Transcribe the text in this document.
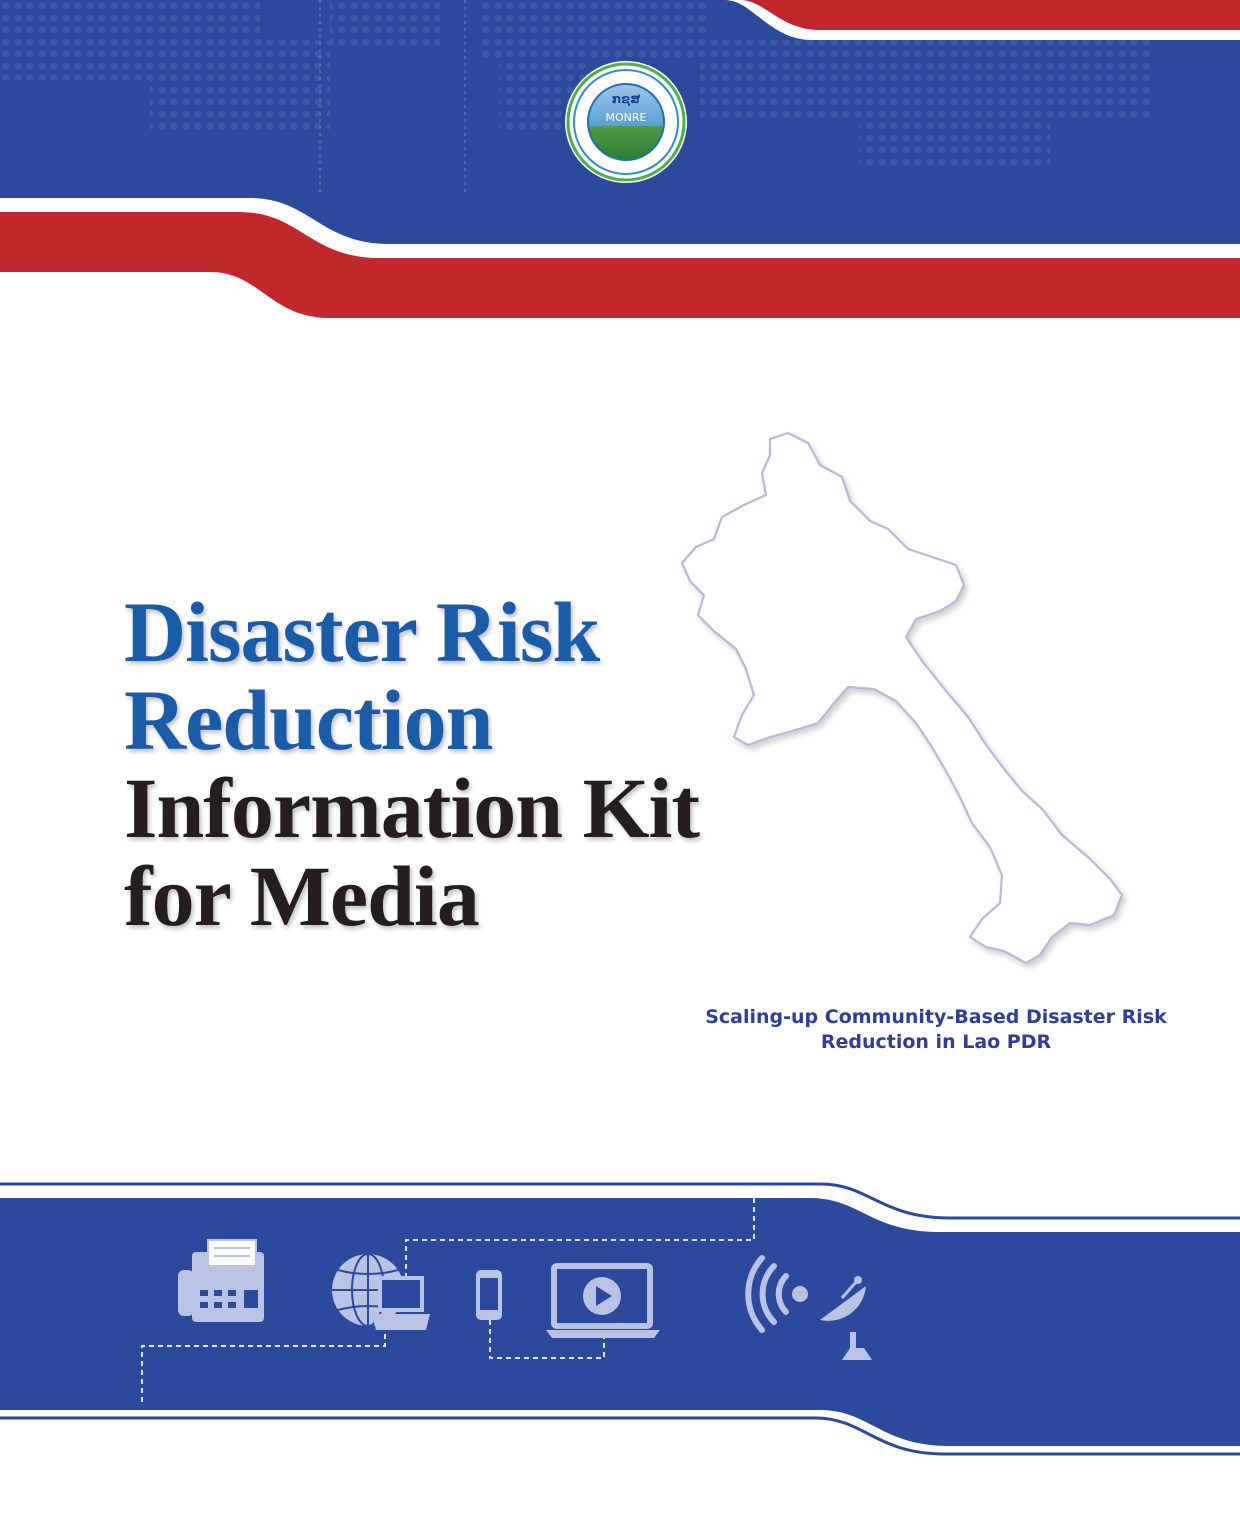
ກຊສ
MONRE
Disaster Risk
Reduction
Information Kit
for Media
Scaling-up Community-Based Disaster Risk
Reduction in Lao PDR
